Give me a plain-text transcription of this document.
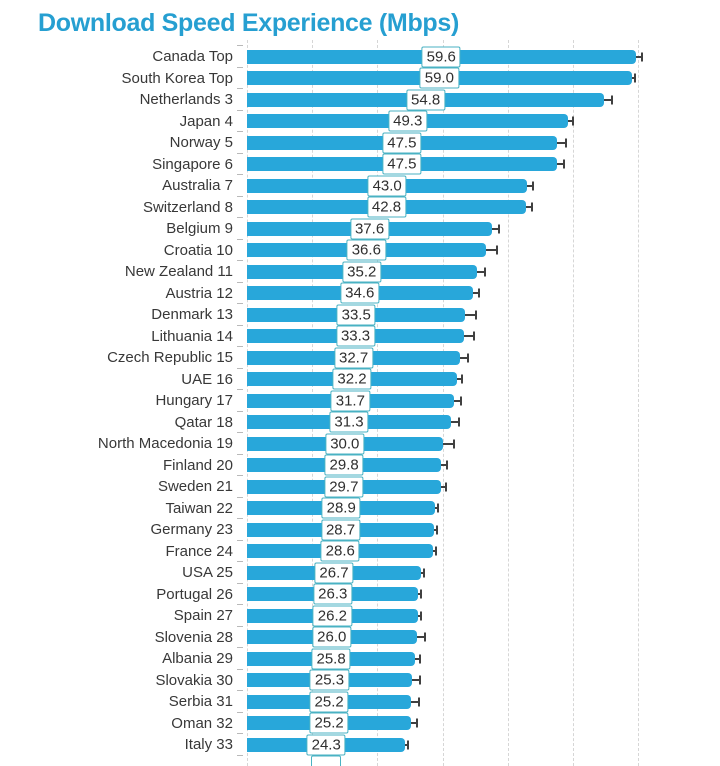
Download Speed Experience (Mbps)
Canada Top	59.6
South Korea Top	59.0
Netherlands 3	54.8
Japan 4	49.3
Norway 5	47.5
Singapore 6	47.5
Australia 7	43.0
Switzerland 8	42.8
Belgium 9	37.6
Croatia 10	36.6
New Zealand 11	35.2
Austria 12	34.6
Denmark 13	33.5
Lithuania 14	33.3
Czech Republic 15	32.7
UAE 16	32.2
Hungary 17	31.7
Qatar 18	31.3
North Macedonia 19	30.0
Finland 20	29.8
Sweden 21	29.7
Taiwan 22	28.9
Germany 23	28.7
France 24	28.6
USA 25	26.7
Portugal 26	26.3
Spain 27	26.2
Slovenia 28	26.0
Albania 29	25.8
Slovakia 30	25.3
Serbia 31	25.2
Oman 32	25.2
Italy 33	24.3
